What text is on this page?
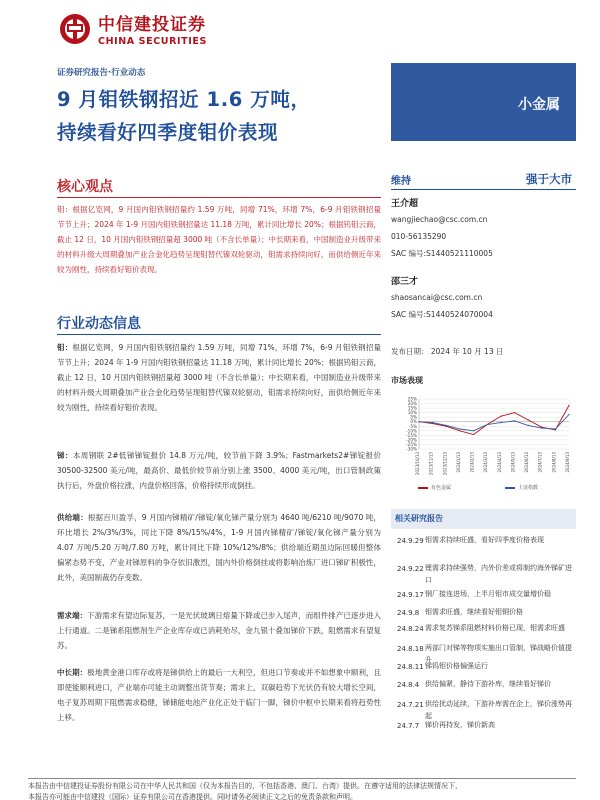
中信建投证券
CHINA SECURITIES
证券研究报告·行业动态
9 月钼铁钢招近 1.6 万吨，
持续看好四季度钼价表现
小金属
核心观点
钼：根据亿览网，9 月国内钼铁钢招量约 1.59 万吨，同增 71%，环增 7%，6-9 月钼铁钢招量节节上升；2024 年 1-9 月国内钼铁钢招量达 11.18 万吨，累计同比增长 20%；根据钨钼云商，截止 12 日，10 月国内钼铁钢招量超 3000 吨（不含长单量）；中长期来看，中国制造业升级带来的材料升级大周期叠加产业合金化趋势呈现钼替代镍双轮驱动，钼需求持续向好，而供给侧近年来较为刚性，持续看好钼价表现。
行业动态信息
钼：根据亿览网，9 月国内钼铁钢招量约 1.59 万吨，同增 71%，环增 7%，6-9 月钼铁钢招量节节上升；2024 年 1-9 月国内钼铁钢招量达 11.18 万吨，累计同比增长 20%；根据钨钼云商，截止 12 日，10 月国内钼铁钢招量超 3000 吨（不含长单量）；中长期来看，中国制造业升级带来的材料升级大周期叠加产业合金化趋势呈现钼替代镍双轮驱动，钼需求持续向好，而供给侧近年来较为刚性，持续看好钼价表现。
锑：本周钢联 2#低锑锑锭报价 14.8 万元/吨，较节前下降 3.9%；Fastmarkets2#锑锭报价 30500-32500 美元/吨，最高价、最低价较节前分别上涨 3500、4000 美元/吨，出口管制政策执行后，外盘价格拉涨，内盘价格回落，价格持续形成倒挂。
供给端：根据百川盈孚，9 月国内锑精矿/锑锭/氧化锑产量分别为 4640 吨/6210 吨/9070 吨，环比增长 2%/3%/3%，同比下降 8%/15%/4%，1-9 月国内锑精矿/锑锭/氧化锑产量分别为 4.07 万吨/5.20 万吨/7.80 万吨，累计同比下降 10%/12%/8%；供给端近期虽边际回暖但整体偏紧态势不变，产业对锑原料的争夺依旧激烈，国内外价格倒挂或将影响冶炼厂进口锑矿积极性，此外，美国制裁仍存变数。
需求端：下游需求有望边际复苏，一是光伏玻璃日熔量下降或已步入尾声，而组件排产已逐步进入上行通道。二是锑系阻燃剂生产企业库存或已消耗殆尽，金九银十叠加锑价下跌，阻燃需求有望复苏。
中长期：极地黄金港口库存或将是锑供给上的最后一大利空，但进口节奏或并不如想象中顺利，且即使能顺利进口，产业端亦可能主动调整出货节奏；需求上，双碳趋势下光伏仍有较大增长空间，电子复苏周期下阻燃需求稳健，锑储能电池产业化正处于临门一脚，锑价中枢中长期来看将趋势性上移。
维持	强于大市
王介超
wangjiechao@csc.com.cn
010-56135290
SAC 编号:S1440521110005
邵三才
shaosancai@csc.com.cn
SAC 编号:S1440524070004
发布日期： 2024 年 10 月 13 日
市场表现
25%
20%
15%
10%
5%
0%
-5%
-10%
-15%
-20%
-25%
-30%
2023/10/13 2023/11/13 2023/12/13 2024/1/13 2024/2/13 2024/3/13 2024/4/13 2024/5/13 2024/6/13 2024/7/13 2024/8/13 2024/9/13
有色金属	上证指数
相关研究报告
24.9.29 钼需求持续旺盛，看好四季度价格表现
24.9.22 锂需求持续强势，内外价差或将制约海外锑矿进口
24.9.17 钢厂接连进场，上半月钼市成交量增价稳
24.9.8 钼需求旺盛，继续看好钼铜价格
24.8.24 需求复苏锑系阻燃材料价格已现，钼需求旺盛
24.8.18 两部门对锑等物项实施出口管制，锑战略价值提升
24.8.11 锑钨钼价格偏强运行
24.8.4 供给偏紧，静待下游补库，继续看好锑价
24.7.21 供给扰动延续，下游补库需在企上，锑价涨势再起
24.7.7 锑价再持发，锑价新高

本报告由中信建投证券股份有限公司在中华人民共和国（仅为本报告目的，不包括香港、澳门、台湾）提供。在遵守适用的法律法规情况下，

本报告亦可能由中信建投（国际）证券有限公司在香港提供。同时请务必阅读正文之后的免责条款和声明。
